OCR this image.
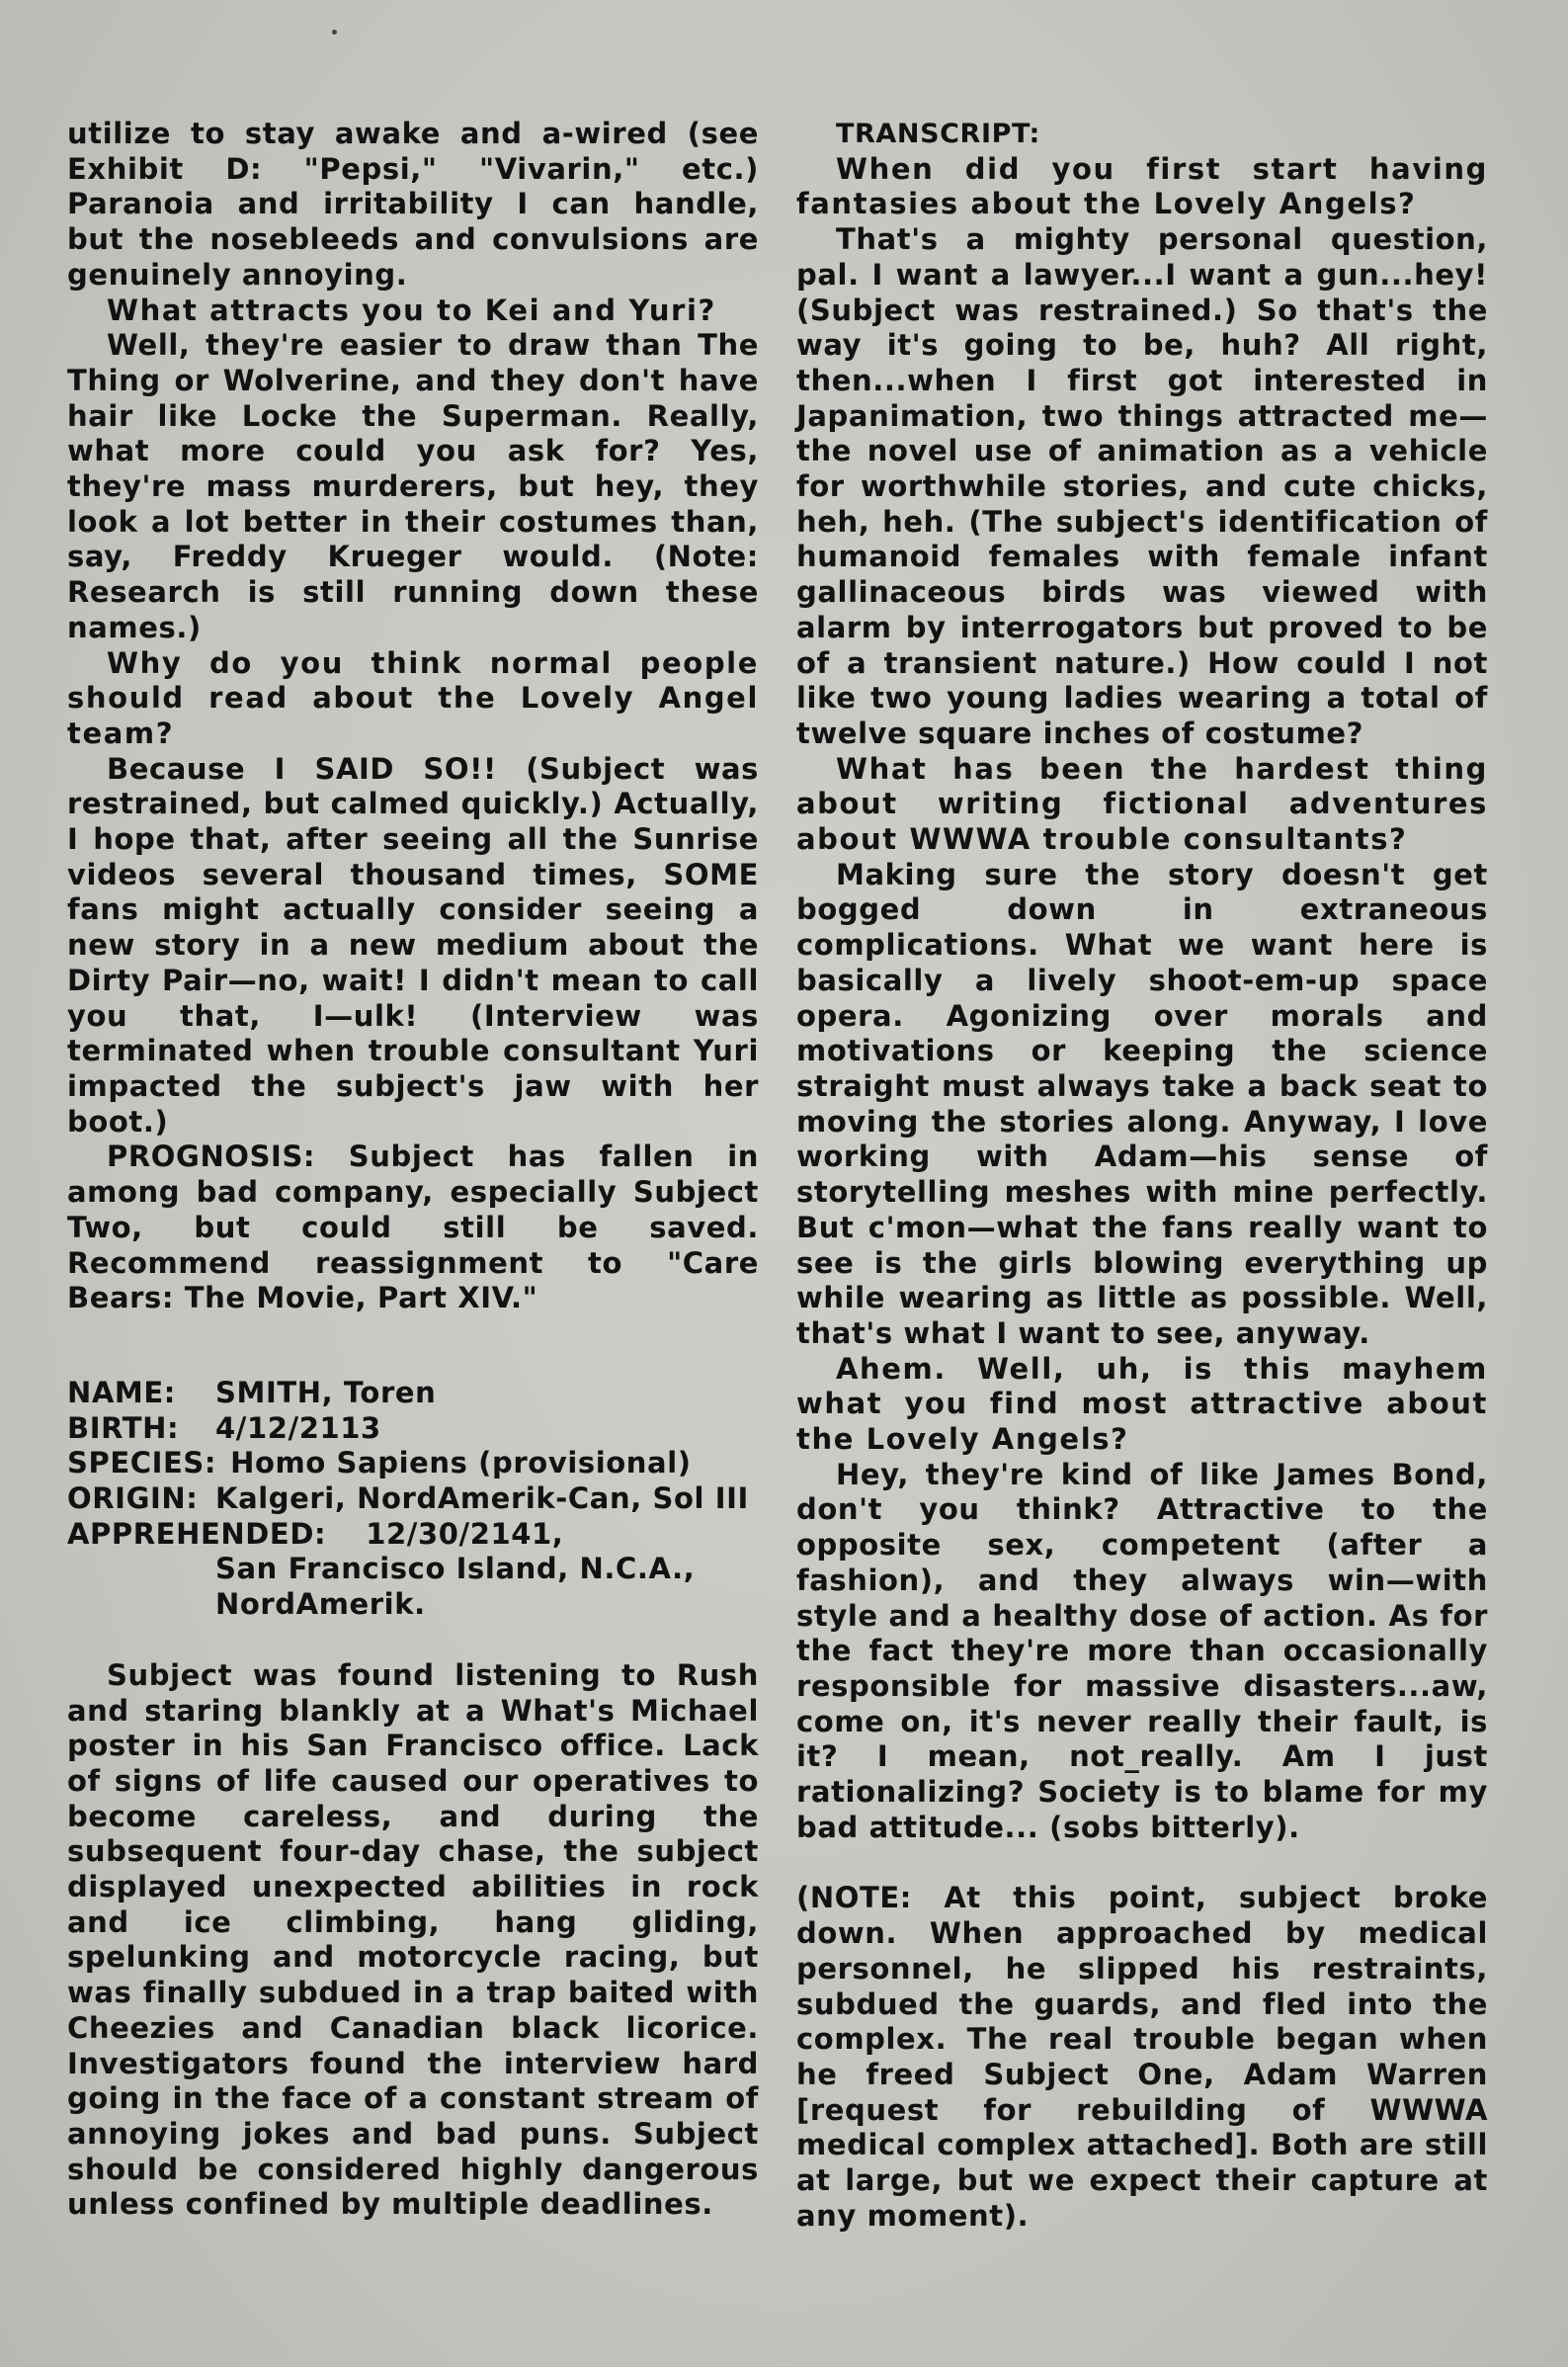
utilize to stay awake and a-wired (see Exhibit D: "Pepsi," "Vivarin," etc.) Paranoia and irritability I can handle, but the nosebleeds and convulsions are genuinely annoying.

What attracts you to Kei and Yuri?

Well, they're easier to draw than The Thing or Wolverine, and they don't have hair like Locke the Superman. Really, what more could you ask for? Yes, they're mass murderers, but hey, they look a lot better in their costumes than, say, Freddy Krueger would. (Note: Research is still running down these names.)

Why do you think normal people should read about the Lovely Angel team?

Because I SAID SO!! (Subject was restrained, but calmed quickly.) Actually, I hope that, after seeing all the Sunrise videos several thousand times, SOME fans might actually consider seeing a new story in a new medium about the Dirty Pair—no, wait! I didn't mean to call you that, I—ulk! (Interview was terminated when trouble consultant Yuri impacted the subject's jaw with her boot.)

PROGNOSIS: Subject has fallen in among bad company, especially Subject Two, but could still be saved. Recommend reassignment to "Care Bears: The Movie, Part XIV."

NAME:	SMITH, Toren
BIRTH:	4/12/2113
SPECIES: Homo Sapiens (provisional)
ORIGIN: Kalgeri, NordAmerik-Can, Sol III
APPREHENDED: 12/30/2141,
San Francisco Island, N.C.A.,
NordAmerik.

Subject was found listening to Rush and staring blankly at a What's Michael poster in his San Francisco office. Lack of signs of life caused our operatives to become careless, and during the subsequent four-day chase, the subject displayed unexpected abilities in rock and ice climbing, hang gliding, spelunking and motorcycle racing, but was finally subdued in a trap baited with Cheezies and Canadian black licorice. Investigators found the interview hard going in the face of a constant stream of annoying jokes and bad puns. Subject should be considered highly dangerous unless confined by multiple deadlines.

TRANSCRIPT:

When did you first start having fantasies about the Lovely Angels?

That's a mighty personal question, pal. I want a lawyer...I want a gun...hey! (Subject was restrained.) So that's the way it's going to be, huh? All right, then...when I first got interested in Japanimation, two things attracted me—the novel use of animation as a vehicle for worthwhile stories, and cute chicks, heh, heh. (The subject's identification of humanoid females with female infant gallinaceous birds was viewed with alarm by interrogators but proved to be of a transient nature.) How could I not like two young ladies wearing a total of twelve square inches of costume?

What has been the hardest thing about writing fictional adventures about WWWA trouble consultants?

Making sure the story doesn't get bogged down in extraneous complications. What we want here is basically a lively shoot-em-up space opera. Agonizing over morals and motivations or keeping the science straight must always take a back seat to moving the stories along. Anyway, I love working with Adam—his sense of storytelling meshes with mine perfectly. But c'mon—what the fans really want to see is the girls blowing everything up while wearing as little as possible. Well, that's what I want to see, anyway.

Ahem. Well, uh, is this mayhem what you find most attractive about the Lovely Angels?

Hey, they're kind of like James Bond, don't you think? Attractive to the opposite sex, competent (after a fashion), and they always win—with style and a healthy dose of action. As for the fact they're more than occasionally responsible for massive disasters...aw, come on, it's never really their fault, is it? I mean, not_really. Am I just rationalizing? Society is to blame for my bad attitude... (sobs bitterly).

(NOTE: At this point, subject broke down. When approached by medical personnel, he slipped his restraints, subdued the guards, and fled into the complex. The real trouble began when he freed Subject One, Adam Warren [request for rebuilding of WWWA medical complex attached]. Both are still at large, but we expect their capture at any moment).
